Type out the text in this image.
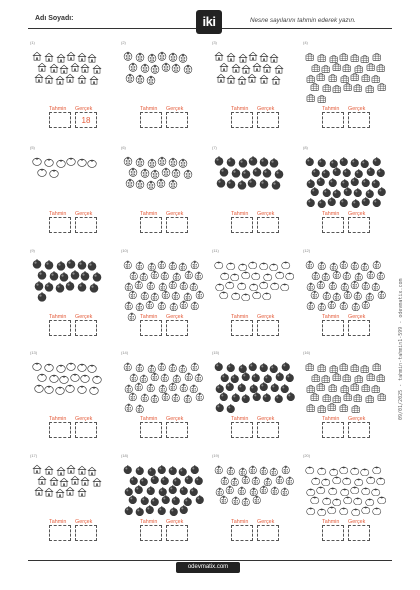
Adı Soyadı:	iki	Nesne sayılarını tahmin ederek yazın.
(1)
Tahmin Gerçek
18
(2)
Tahmin Gerçek
(3)
Tahmin Gerçek
(4)
Tahmin Gerçek
(5)
Tahmin Gerçek
(6)
Tahmin Gerçek
(7)
Tahmin Gerçek
(8)
Tahmin Gerçek
(9)
Tahmin Gerçek
(10)
Tahmin Gerçek
(11)
Tahmin Gerçek
(12)
Tahmin Gerçek
(13)
Tahmin Gerçek
(14)
Tahmin Gerçek
(15)
Tahmin Gerçek
(16)
Tahmin Gerçek
(17)
Tahmin Gerçek
(18)
Tahmin Gerçek
(19)
Tahmin Gerçek
(20)
Tahmin Gerçek
09/01/2025 - tahmin-tahmin1-599 - odevmatix.com
odevmatix.com
